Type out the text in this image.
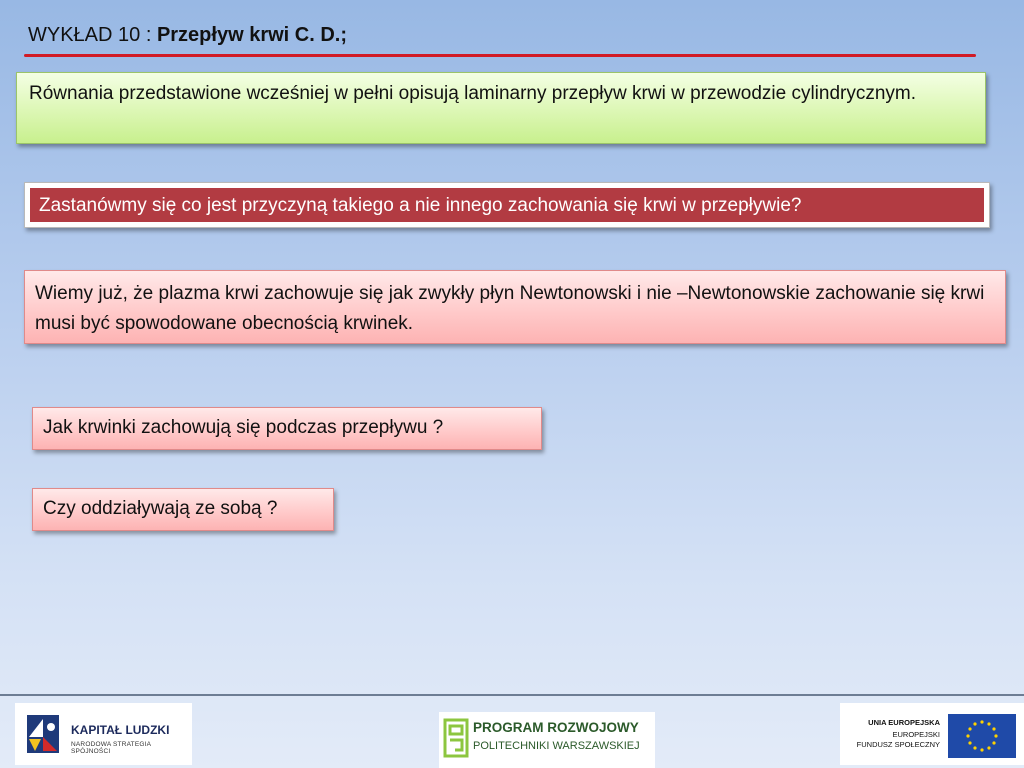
WYKŁAD 10 : Przepływ krwi C. D.;
Równania przedstawione wcześniej w pełni opisują laminarny przepływ krwi w przewodzie cylindrycznym.
Zastanówmy się co jest przyczyną takiego a nie innego zachowania się krwi w przepływie?
Wiemy już, że plazma krwi zachowuje się jak zwykły płyn Newtonowski i nie –Newtonowskie zachowanie się krwi musi być spowodowane obecnością krwinek.
Jak krwinki zachowują się podczas przepływu ?
Czy oddziaływają ze sobą ?
KAPITAŁ LUDZKI
NARODOWA STRATEGIA SPÓJNOŚCI
PROGRAM ROZWOJOWY
POLITECHNIKI WARSZAWSKIEJ
UNIA EUROPEJSKA
EUROPEJSKI
FUNDUSZ SPOŁECZNY
